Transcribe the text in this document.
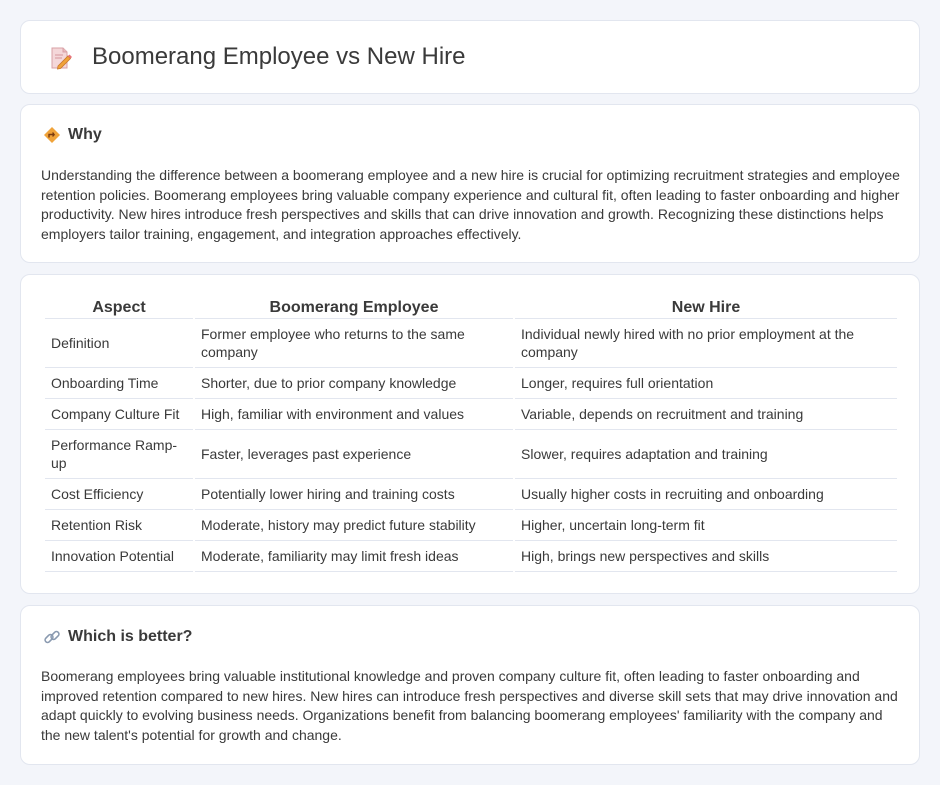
Boomerang Employee vs New Hire
Why

Understanding the difference between a boomerang employee and a new hire is crucial for optimizing recruitment strategies and employee retention policies. Boomerang employees bring valuable company experience and cultural fit, often leading to faster onboarding and higher productivity. New hires introduce fresh perspectives and skills that can drive innovation and growth. Recognizing these distinctions helps employers tailor training, engagement, and integration approaches effectively.

Aspect	Boomerang Employee	New Hire
Definition	Former employee who returns to the same company	Individual newly hired with no prior employment at the company
Onboarding Time	Shorter, due to prior company knowledge	Longer, requires full orientation
Company Culture Fit	High, familiar with environment and values	Variable, depends on recruitment and training
Performance Ramp-up	Faster, leverages past experience	Slower, requires adaptation and training
Cost Efficiency	Potentially lower hiring and training costs	Usually higher costs in recruiting and onboarding
Retention Risk	Moderate, history may predict future stability	Higher, uncertain long-term fit
Innovation Potential	Moderate, familiarity may limit fresh ideas	High, brings new perspectives and skills
Which is better?

Boomerang employees bring valuable institutional knowledge and proven company culture fit, often leading to faster onboarding and improved retention compared to new hires. New hires can introduce fresh perspectives and diverse skill sets that may drive innovation and adapt quickly to evolving business needs. Organizations benefit from balancing boomerang employees' familiarity with the company and the new talent's potential for growth and change.
